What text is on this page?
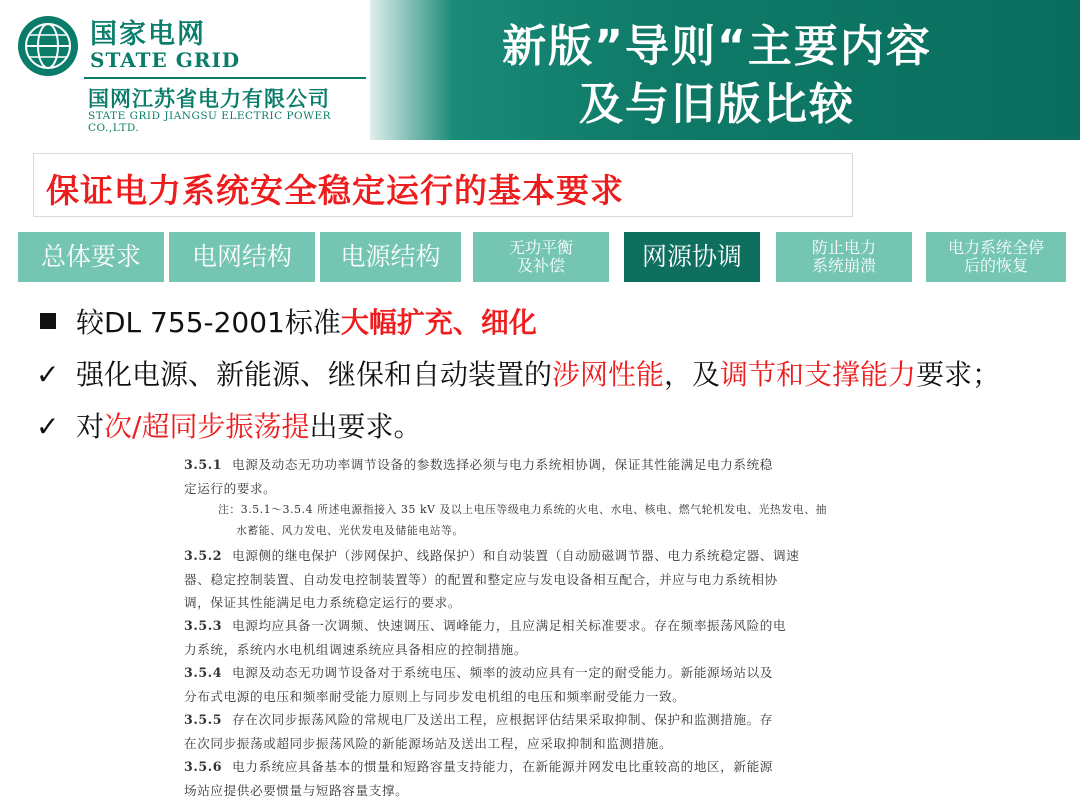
国家电网
STATE GRID
国网江苏省电力有限公司
STATE GRID JIANGSU ELECTRIC POWER CO.,LTD.
新版”导则“主要内容
及与旧版比较
保证电力系统安全稳定运行的基本要求
总体要求 电网结构 电源结构	无功平衡
及补偿	网源协调	防止电力
系统崩溃
电力系统全停
后的恢复
较DL 755-2001标准大幅扩充、细化
✓ 强化电源、新能源、继保和自动装置的涉网性能，及调节和支撑能力要求；
✓ 对次/超同步振荡提出要求。
3.5.1 电源及动态无功功率调节设备的参数选择必须与电力系统相协调，保证其性能满足电力系统稳
定运行的要求。
注：3.5.1～3.5.4 所述电源指接入 35 kV 及以上电压等级电力系统的火电、水电、核电、燃气轮机发电、光热发电、抽
水蓄能、风力发电、光伏发电及储能电站等。
3.5.2 电源侧的继电保护（涉网保护、线路保护）和自动装置（自动励磁调节器、电力系统稳定器、调速
器、稳定控制装置、自动发电控制装置等）的配置和整定应与发电设备相互配合，并应与电力系统相协
调，保证其性能满足电力系统稳定运行的要求。
3.5.3 电源均应具备一次调频、快速调压、调峰能力，且应满足相关标准要求。存在频率振荡风险的电
力系统，系统内水电机组调速系统应具备相应的控制措施。
3.5.4 电源及动态无功调节设备对于系统电压、频率的波动应具有一定的耐受能力。新能源场站以及
分布式电源的电压和频率耐受能力原则上与同步发电机组的电压和频率耐受能力一致。
3.5.5 存在次同步振荡风险的常规电厂及送出工程，应根据评估结果采取抑制、保护和监测措施。存
在次同步振荡或超同步振荡风险的新能源场站及送出工程，应采取抑制和监测措施。
3.5.6 电力系统应具备基本的惯量和短路容量支持能力，在新能源并网发电比重较高的地区，新能源
场站应提供必要惯量与短路容量支撑。
